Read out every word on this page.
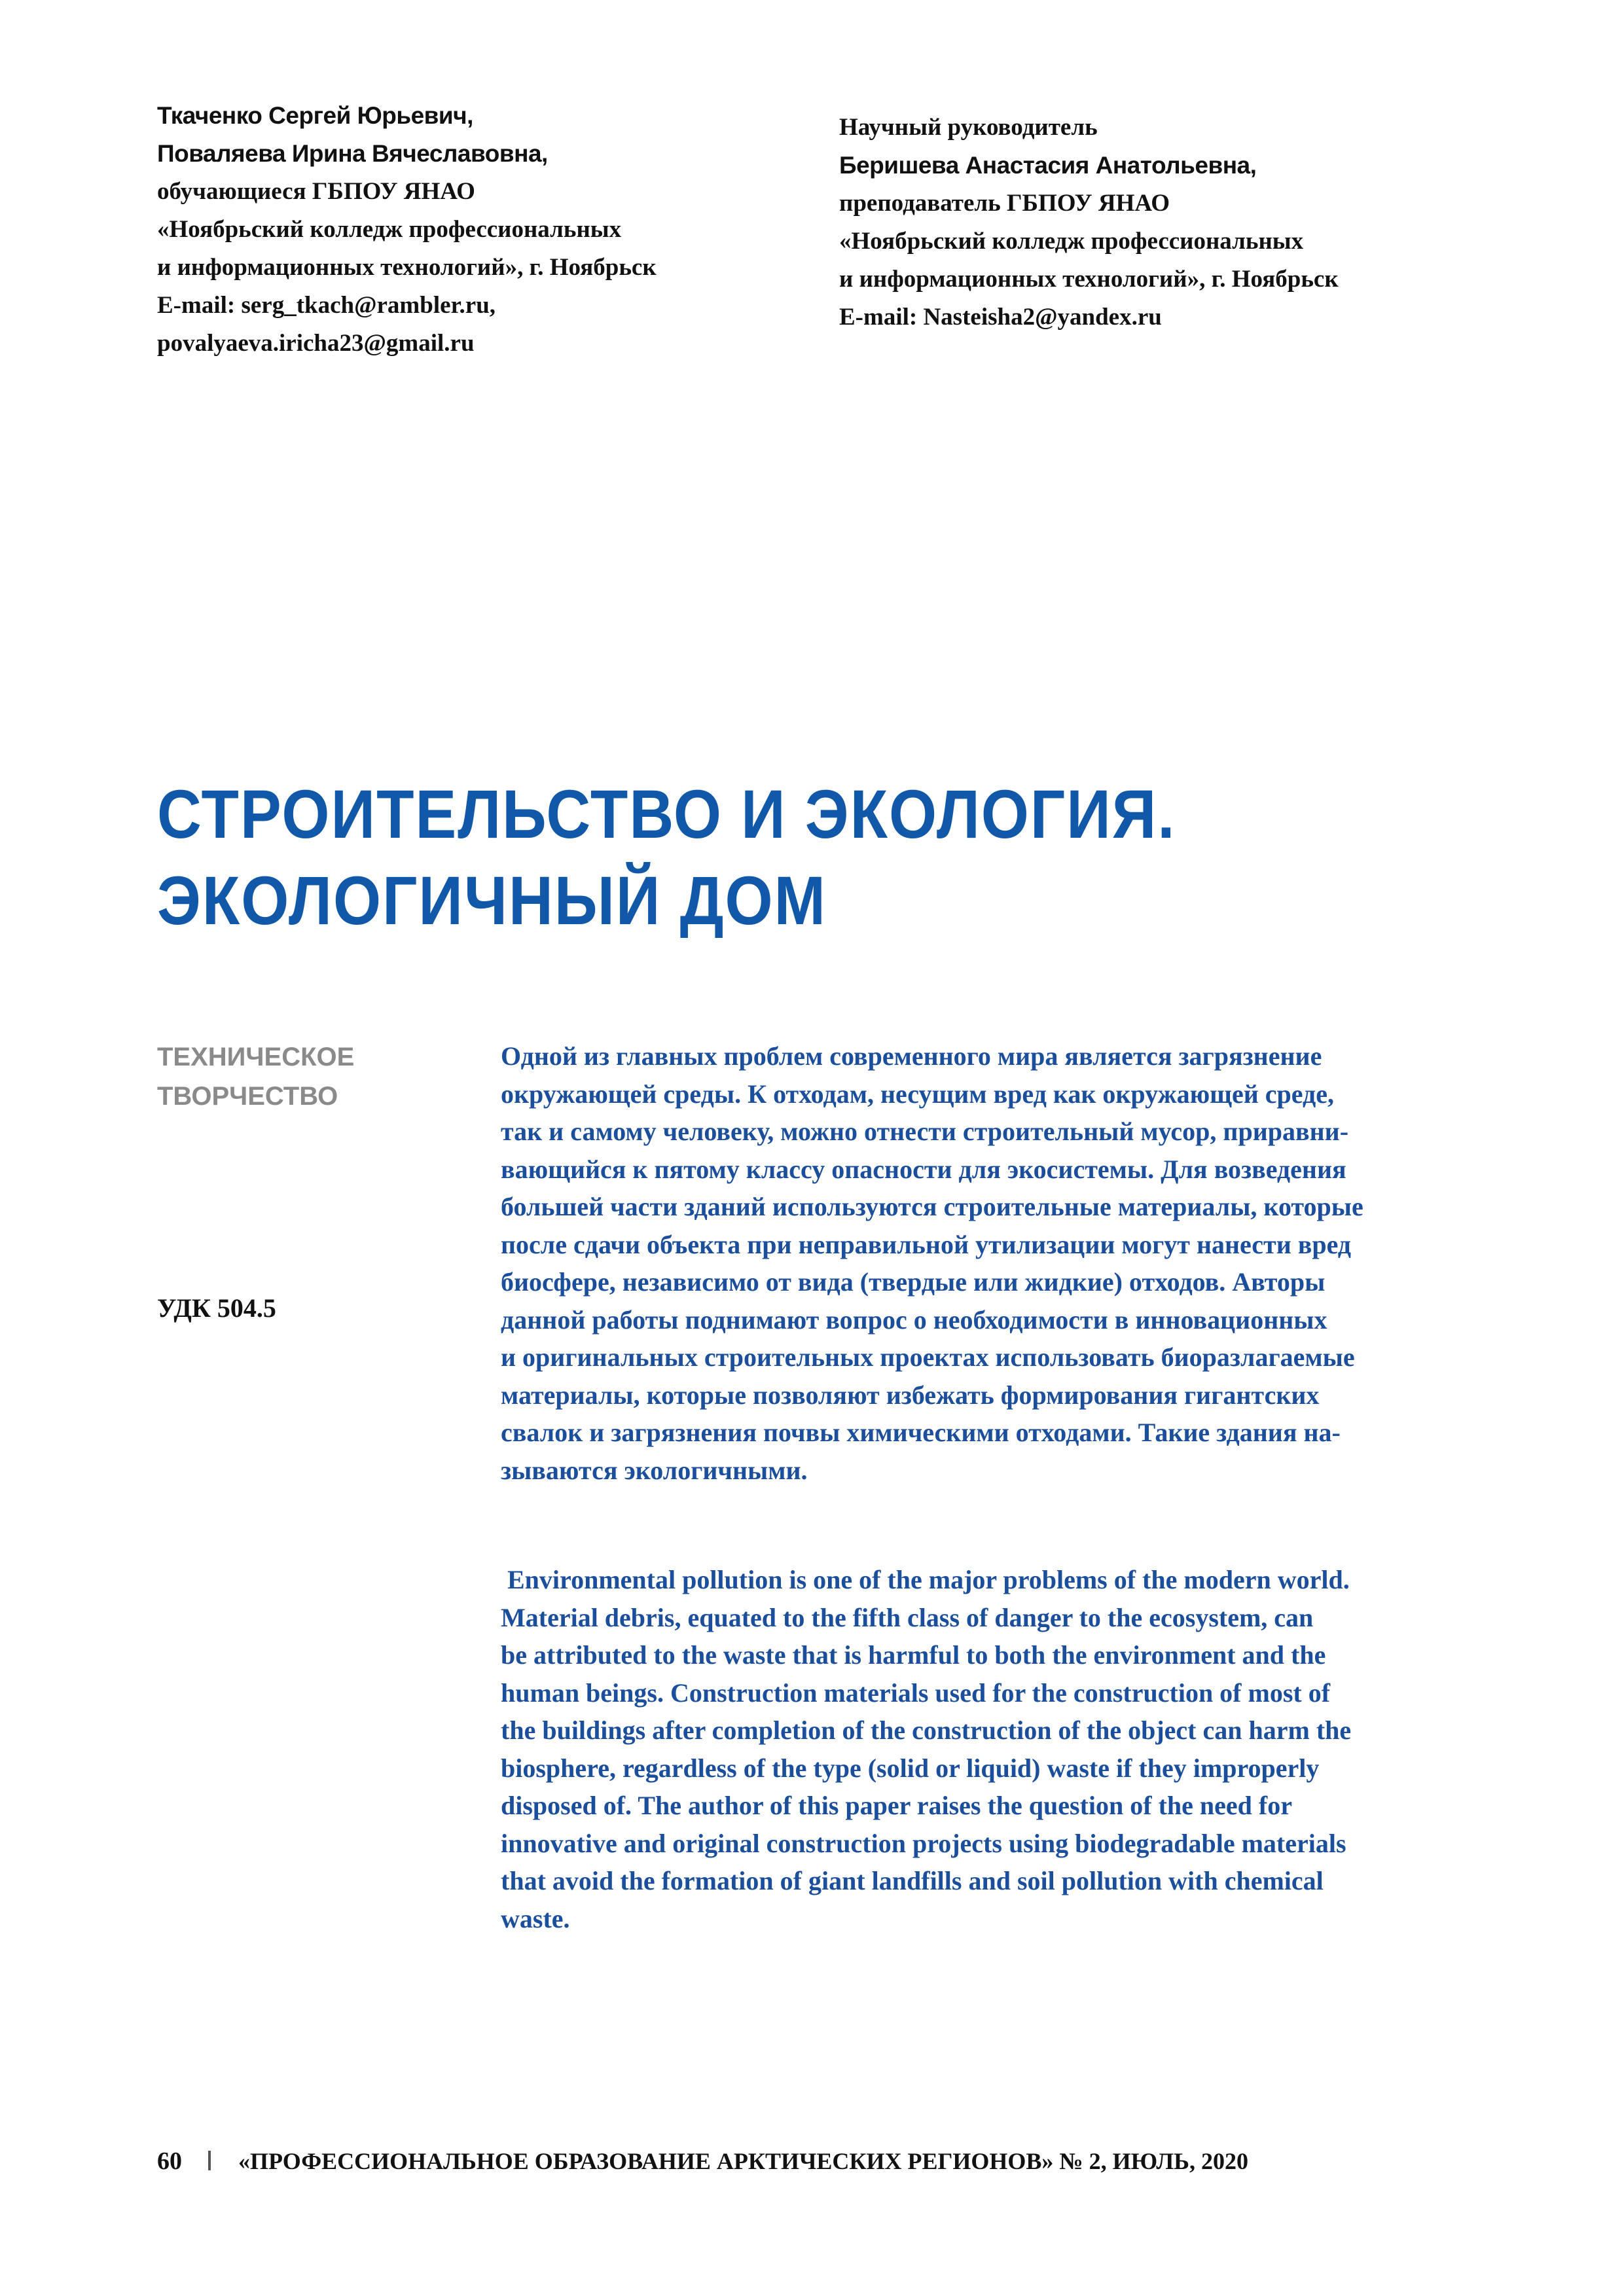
Ткаченко Сергей Юрьевич,
Поваляева Ирина Вячеславовна,
обучающиеся ГБПОУ ЯНАО
«Ноябрьский колледж профессиональных
и информационных технологий», г. Ноябрьск
E-mail: serg_tkach@rambler.ru,
povalyaeva.iricha23@gmail.ru
Научный руководитель
Беришева Анастасия Анатольевна,
преподаватель ГБПОУ ЯНАО
«Ноябрьский колледж профессиональных
и информационных технологий», г. Ноябрьск
E-mail: Nasteisha2@yandex.ru
СТРОИТЕЛЬСТВО И ЭКОЛОГИЯ.
ЭКОЛОГИЧНЫЙ ДОМ
ТЕХНИЧЕСКОЕ
ТВОРЧЕСТВО
УДК 504.5
Одной из главных проблем современного мира является загрязнение
окружающей среды. К отходам, несущим вред как окружающей среде,
так и самому человеку, можно отнести строительный мусор, приравни-
вающийся к пятому классу опасности для экосистемы. Для возведения
большей части зданий используются строительные материалы, которые
после сдачи объекта при неправильной утилизации могут нанести вред
биосфере, независимо от вида (твердые или жидкие) отходов. Авторы
данной работы поднимают вопрос о необходимости в инновационных
и оригинальных строительных проектах использовать биоразлагаемые
материалы, которые позволяют избежать формирования гигантских
свалок и загрязнения почвы химическими отходами. Такие здания на-
зываются экологичными.
Environmental pollution is one of the major problems of the modern world.
Material debris, equated to the fifth class of danger to the ecosystem, can
be attributed to the waste that is harmful to both the environment and the
human beings. Construction materials used for the construction of most of
the buildings after completion of the construction of the object can harm the
biosphere, regardless of the type (solid or liquid) waste if they improperly
disposed of. The author of this paper raises the question of the need for
innovative and original construction projects using biodegradable materials
that avoid the formation of giant landfills and soil pollution with chemical
waste.
60 «ПРОФЕССИОНАЛЬНОЕ ОБРАЗОВАНИЕ АРКТИЧЕСКИХ РЕГИОНОВ» № 2, ИЮЛЬ, 2020
